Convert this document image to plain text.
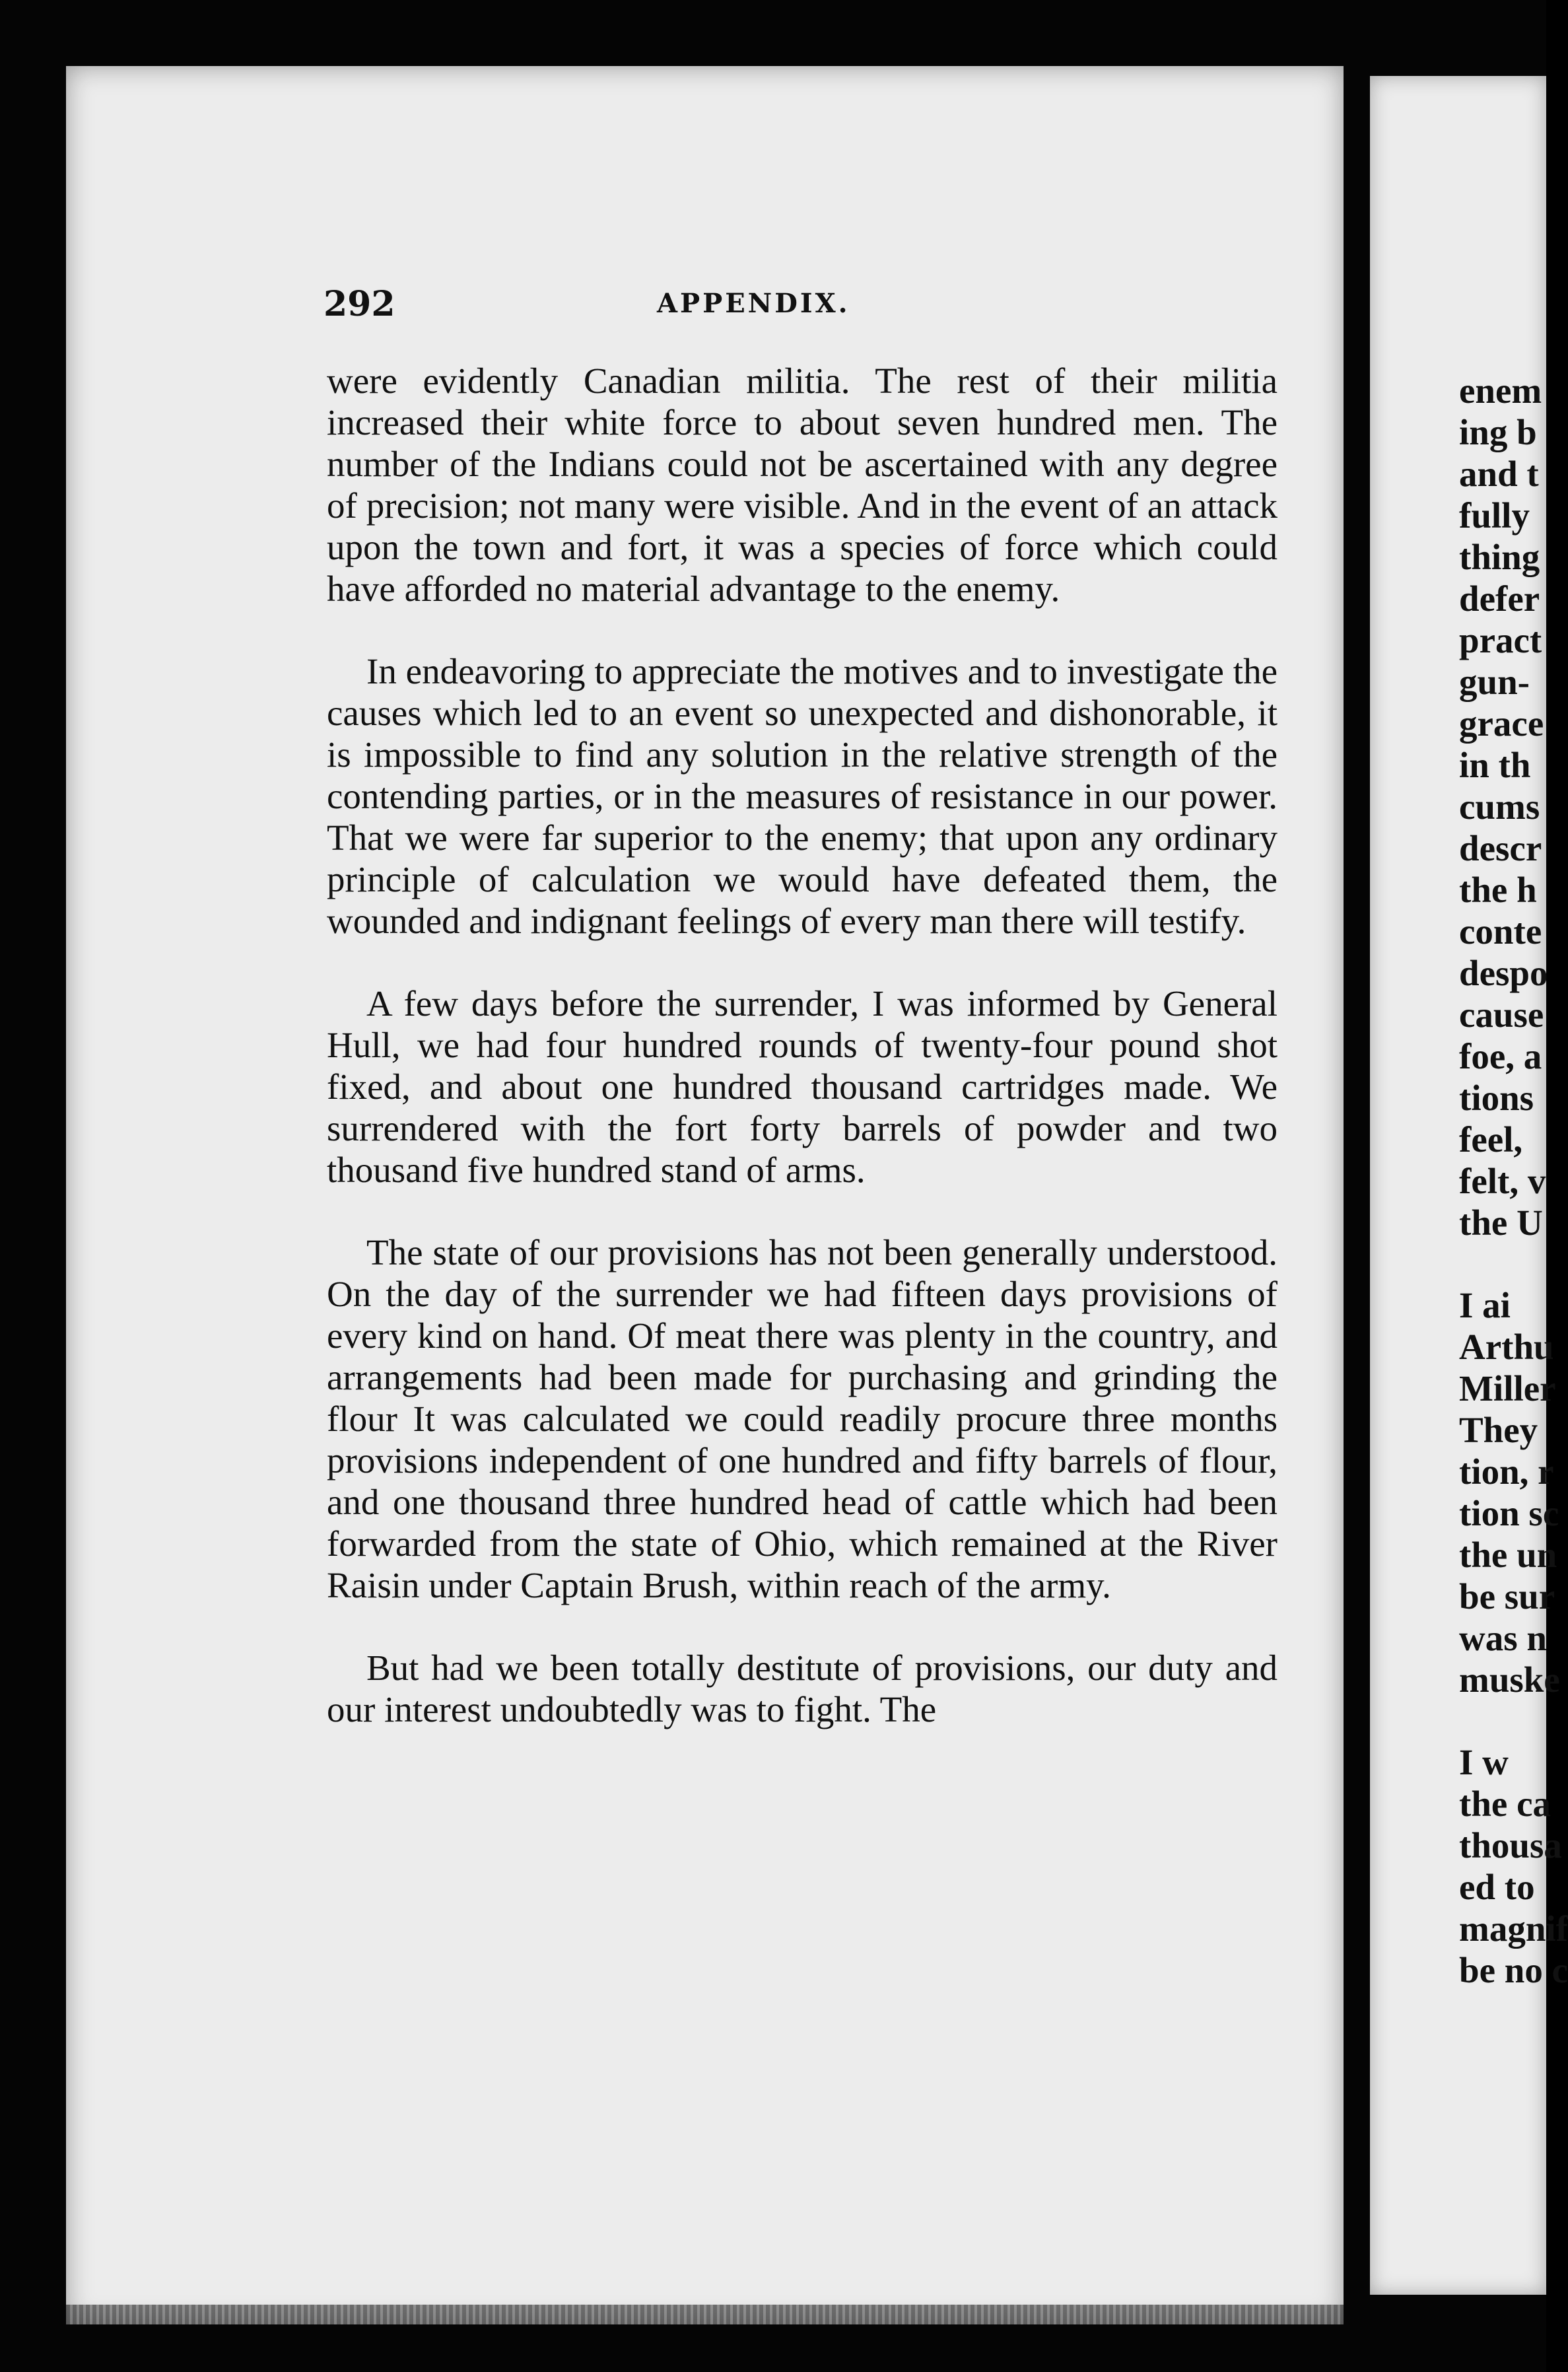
292	APPENDIX.

were evidently Canadian militia. The rest of their militia increased their white force to about seven hundred men. The number of the Indians could not be ascertained with any degree of precision; not many were visible. And in the event of an attack upon the town and fort, it was a species of force which could have afforded no material advantage to the enemy.

In endeavoring to appreciate the motives and to investigate the causes which led to an event so unexpected and dishonorable, it is impossible to find any solution in the relative strength of the contending parties, or in the measures of resistance in our power. That we were far superior to the enemy; that upon any ordinary principle of calculation we would have defeated them, the wounded and indignant feelings of every man there will testify.

A few days before the surrender, I was informed by General Hull, we had four hundred rounds of twenty-four pound shot fixed, and about one hundred thousand cartridges made. We surrendered with the fort forty barrels of powder and two thousand five hundred stand of arms.

The state of our provisions has not been generally understood. On the day of the surrender we had fifteen days provisions of every kind on hand. Of meat there was plenty in the country, and arrangements had been made for purchasing and grinding the flour It was calculated we could readily procure three months provisions independent of one hundred and fifty barrels of flour, and one thousand three hundred head of cattle which had been forwarded from the state of Ohio, which remained at the River Raisin under Captain Brush, within reach of the army.

But had we been totally destitute of provisions, our duty and our interest undoubtedly was to fight. The

enem
ing b
and t
fully
thing
defer
pract
gun-
grace
in th
cums
descr
the h
conte
despo
cause
foe, a
tions
feel,
felt, v
the U
I ai
Arthu
Miller
They
tion, r
tion sc
the un
be sur
was n
muske
I w
the ca
thousa
ed to
magnif
be no c
